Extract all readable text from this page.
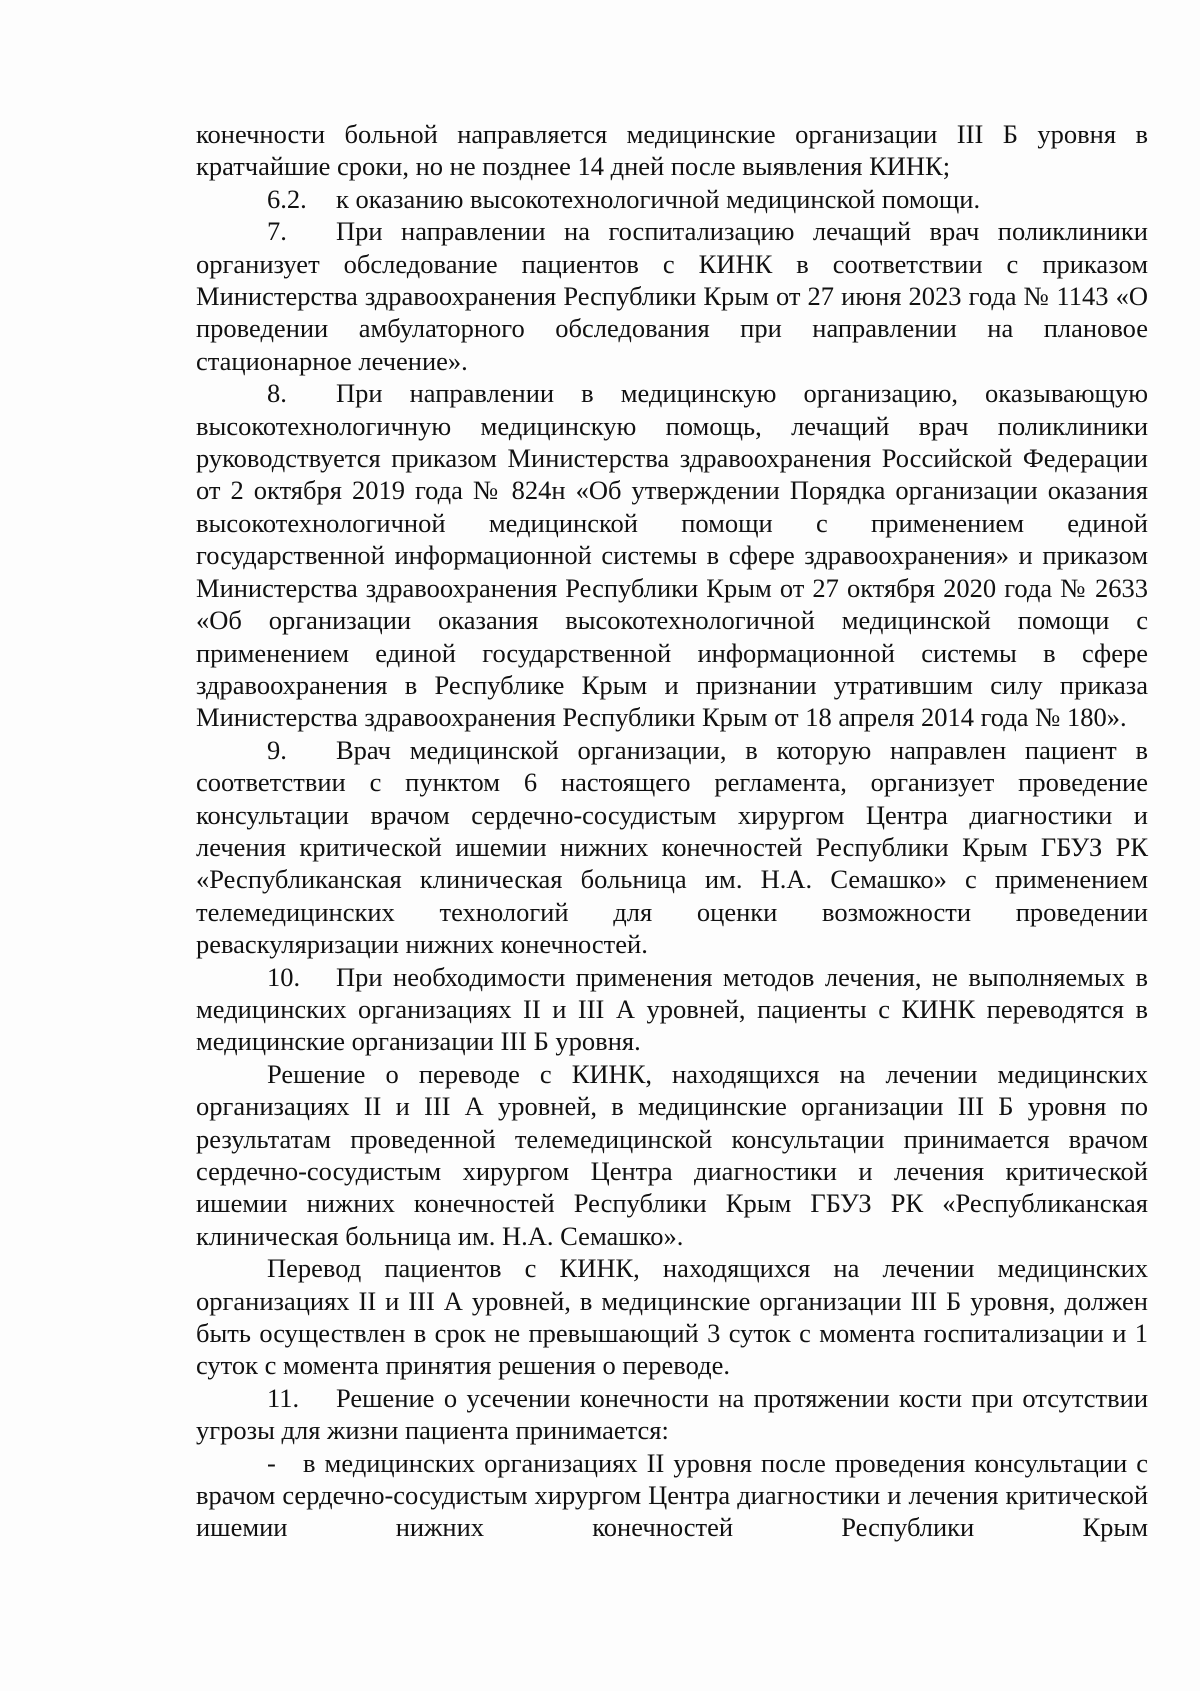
конечности больной направляется медицинские организации III Б уровня в кратчайшие сроки, но не позднее 14 дней после выявления КИНК;

6.2. к оказанию высокотехнологичной медицинской помощи.

7. При направлении на госпитализацию лечащий врач поликлиники организует обследование пациентов с КИНК в соответствии с приказом Министерства здравоохранения Республики Крым от 27 июня 2023 года № 1143 «О проведении амбулаторного обследования при направлении на плановое стационарное лечение».

8. При направлении в медицинскую организацию, оказывающую высокотехнологичную медицинскую помощь, лечащий врач поликлиники руководствуется приказом Министерства здравоохранения Российской Федерации от 2 октября 2019 года № 824н «Об утверждении Порядка организации оказания высокотехнологичной медицинской помощи с применением единой государственной информационной системы в сфере здравоохранения» и приказом Министерства здравоохранения Республики Крым от 27 октября 2020 года № 2633 «Об организации оказания высокотехнологичной медицинской помощи с применением единой государственной информационной системы в сфере здравоохранения в Республике Крым и признании утратившим силу приказа Министерства здравоохранения Республики Крым от 18 апреля 2014 года № 180».

9. Врач медицинской организации, в которую направлен пациент в соответствии с пунктом 6 настоящего регламента, организует проведение консультации врачом сердечно-сосудистым хирургом Центра диагностики и лечения критической ишемии нижних конечностей Республики Крым ГБУЗ РК «Республиканская клиническая больница им. Н.А. Семашко» с применением телемедицинских технологий для оценки возможности проведении реваскуляризации нижних конечностей.

10. При необходимости применения методов лечения, не выполняемых в медицинских организациях II и III А уровней, пациенты с КИНК переводятся в медицинские организации III Б уровня.

Решение о переводе с КИНК, находящихся на лечении медицинских организациях II и III А уровней, в медицинские организации III Б уровня по результатам проведенной телемедицинской консультации принимается врачом сердечно-сосудистым хирургом Центра диагностики и лечения критической ишемии нижних конечностей Республики Крым ГБУЗ РК «Республиканская клиническая больница им. Н.А. Семашко».

Перевод пациентов с КИНК, находящихся на лечении медицинских организациях II и III А уровней, в медицинские организации III Б уровня, должен быть осуществлен в срок не превышающий 3 суток с момента госпитализации и 1 суток с момента принятия решения о переводе.

11. Решение о усечении конечности на протяжении кости при отсутствии угрозы для жизни пациента принимается:

- в медицинских организациях II уровня после проведения консультации с врачом сердечно-сосудистым хирургом Центра диагностики и лечения критической ишемии нижних конечностей Республики Крым
